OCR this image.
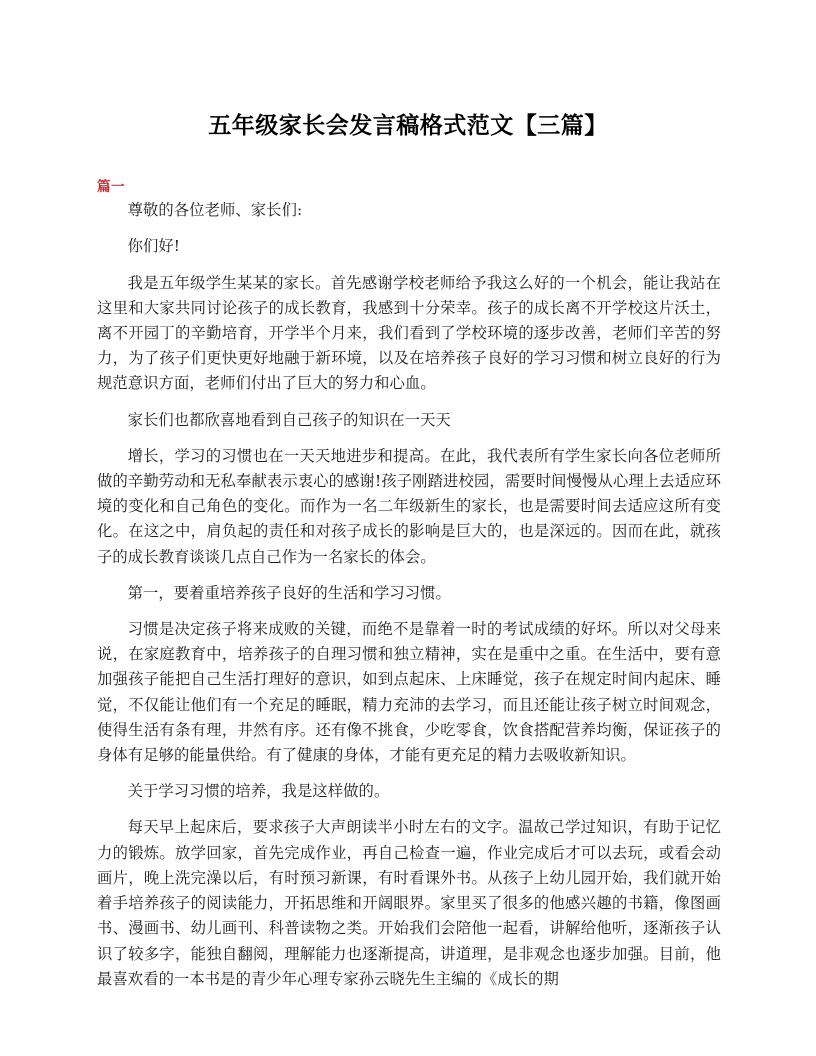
五年级家长会发言稿格式范文【三篇】
篇一

尊敬的各位老师、家长们:

你们好!

我是五年级学生某某的家长。首先感谢学校老师给予我这么好的一个机会，能让我站在这里和大家共同讨论孩子的成长教育，我感到十分荣幸。孩子的成长离不开学校这片沃土，离不开园丁的辛勤培育，开学半个月来，我们看到了学校环境的逐步改善，老师们辛苦的努力，为了孩子们更快更好地融于新环境，以及在培养孩子良好的学习习惯和树立良好的行为规范意识方面，老师们付出了巨大的努力和心血。

家长们也都欣喜地看到自己孩子的知识在一天天

增长，学习的习惯也在一天天地进步和提高。在此，我代表所有学生家长向各位老师所做的辛勤劳动和无私奉献表示衷心的感谢!孩子刚踏进校园，需要时间慢慢从心理上去适应环境的变化和自己角色的变化。而作为一名二年级新生的家长，也是需要时间去适应这所有变化。在这之中，肩负起的责任和对孩子成长的影响是巨大的，也是深远的。因而在此，就孩子的成长教育谈谈几点自己作为一名家长的体会。

第一，要着重培养孩子良好的生活和学习习惯。

习惯是决定孩子将来成败的关键，而绝不是靠着一时的考试成绩的好坏。所以对父母来说，在家庭教育中，培养孩子的自理习惯和独立精神，实在是重中之重。在生活中，要有意加强孩子能把自己生活打理好的意识，如到点起床、上床睡觉，孩子在规定时间内起床、睡觉，不仅能让他们有一个充足的睡眠，精力充沛的去学习，而且还能让孩子树立时间观念，使得生活有条有理，井然有序。还有像不挑食，少吃零食，饮食搭配营养均衡，保证孩子的身体有足够的能量供给。有了健康的身体，才能有更充足的精力去吸收新知识。

关于学习习惯的培养，我是这样做的。

每天早上起床后，要求孩子大声朗读半小时左右的文字。温故己学过知识，有助于记忆力的锻炼。放学回家，首先完成作业，再自己检查一遍，作业完成后才可以去玩，或看会动画片，晚上洗完澡以后，有时预习新课，有时看课外书。从孩子上幼儿园开始，我们就开始着手培养孩子的阅读能力，开拓思维和开阔眼界。家里买了很多的他感兴趣的书籍，像图画书、漫画书、幼儿画刊、科普读物之类。开始我们会陪他一起看，讲解给他听，逐渐孩子认识了较多字，能独自翻阅，理解能力也逐渐提高，讲道理，是非观念也逐步加强。目前，他最喜欢看的一本书是的青少年心理专家孙云晓先生主编的《成长的期
